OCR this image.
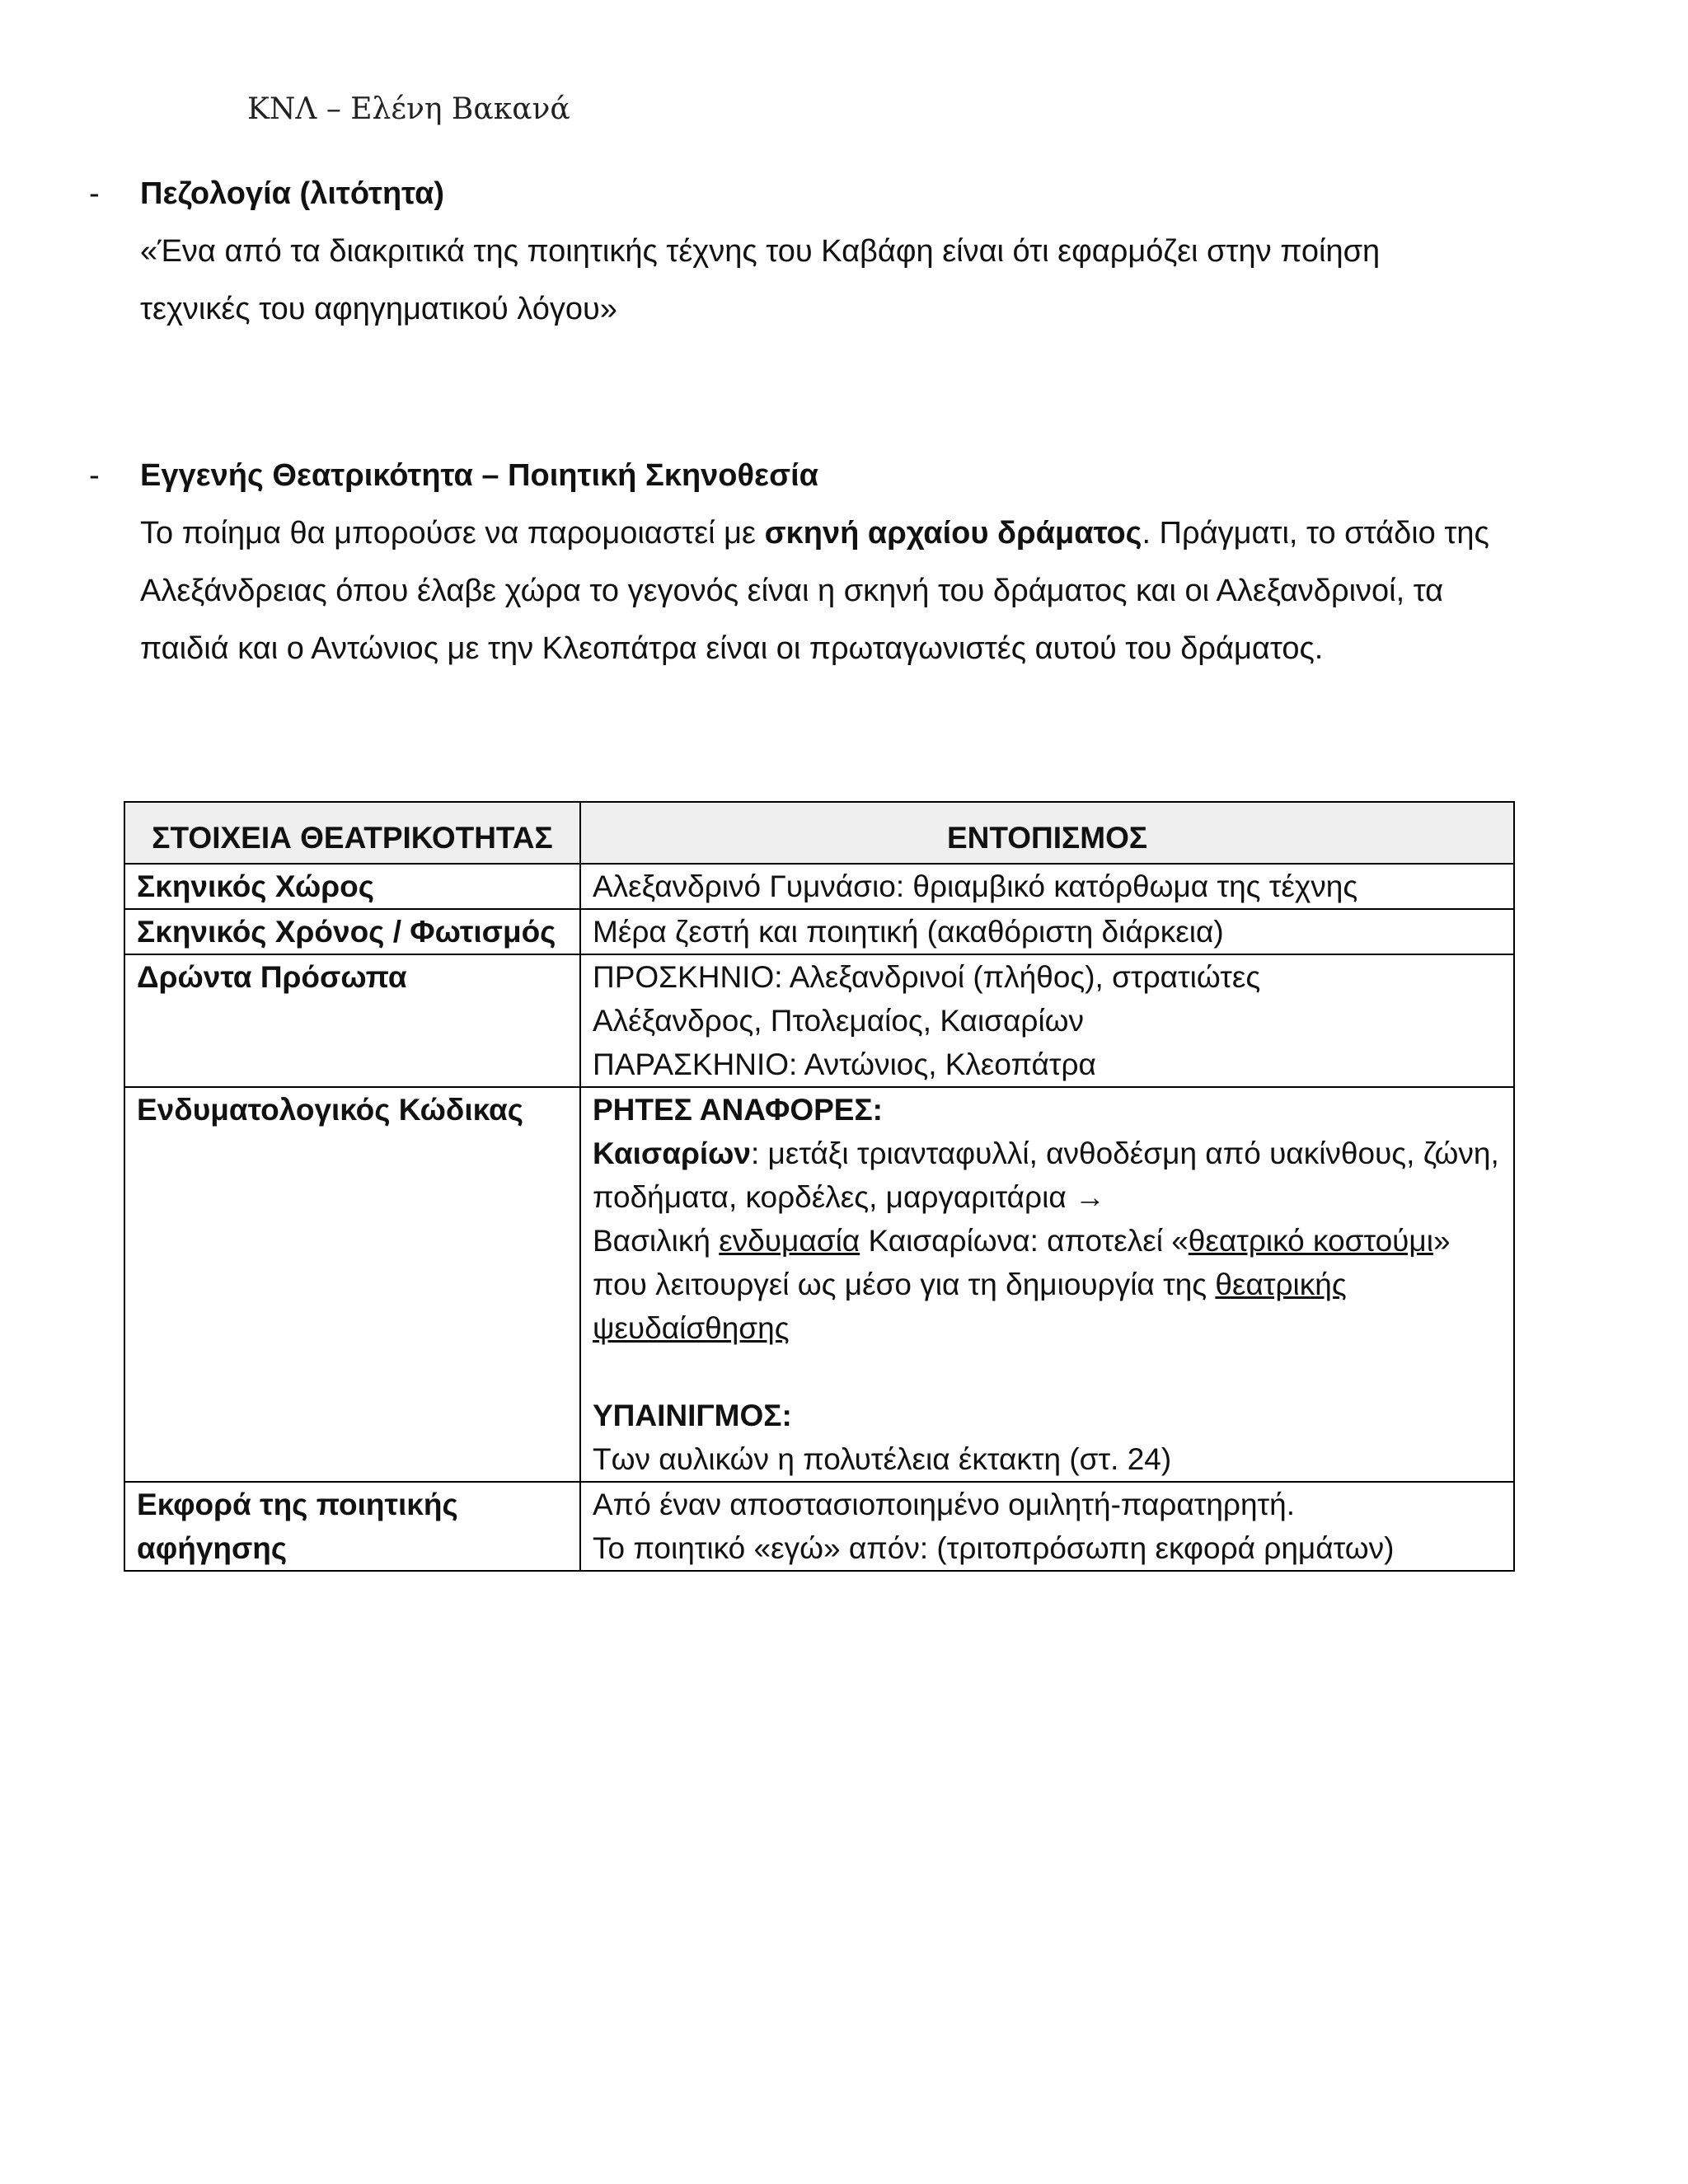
ΚΝΛ – Ελένη Βακανά
-	Πεζολογία (λιτότητα)
«Ένα από τα διακριτικά της ποιητικής τέχνης του Καβάφη είναι ότι εφαρμόζει στην ποίηση
τεχνικές του αφηγηματικού λόγου»
-	Εγγενής Θεατρικότητα – Ποιητική Σκηνοθεσία
Το ποίημα θα μπορούσε να παρομοιαστεί με σκηνή αρχαίου δράματος. Πράγματι, το στάδιο της Αλεξάνδρειας όπου έλαβε χώρα το γεγονός είναι η σκηνή του δράματος και οι Αλεξανδρινοί, τα παιδιά και ο Αντώνιος με την Κλεοπάτρα είναι οι πρωταγωνιστές αυτού του δράματος.
ΣΤΟΙΧΕΙΑ ΘΕΑΤΡΙΚΟΤΗΤΑΣ	ΕΝΤΟΠΙΣΜΟΣ
Σκηνικός Χώρος	Αλεξανδρινό Γυμνάσιο: θριαμβικό κατόρθωμα της τέχνης

Σκηνικός Χρόνος / Φωτισμός	Μέρα ζεστή και ποιητική (ακαθόριστη διάρκεια)

Δρώντα Πρόσωπα	ΠΡΟΣΚΗΝΙΟ: Αλεξανδρινοί (πλήθος), στρατιώτες
Αλέξανδρος, Πτολεμαίος, Καισαρίων
ΠΑΡΑΣΚΗΝΙΟ: Αντώνιος, Κλεοπάτρα

Ενδυματολογικός Κώδικας	ΡΗΤΕΣ ΑΝΑΦΟΡΕΣ:
Καισαρίων: μετάξι τριανταφυλλί, ανθοδέσμη από υακίνθους, ζώνη, ποδήματα, κορδέλες, μαργαριτάρια →
Βασιλική ενδυμασία Καισαρίωνα: αποτελεί «θεατρικό κοστούμι» που λειτουργεί ως μέσο για τη δημιουργία της θεατρικής ψευδαίσθησης
ΥΠΑΙΝΙΓΜΟΣ:
Των αυλικών η πολυτέλεια έκτακτη (στ. 24)

Εκφορά της ποιητικής αφήγησης	Από έναν αποστασιοποιημένο ομιλητή-παρατηρητή.
Το ποιητικό «εγώ» απόν: (τριτοπρόσωπη εκφορά ρημάτων)
